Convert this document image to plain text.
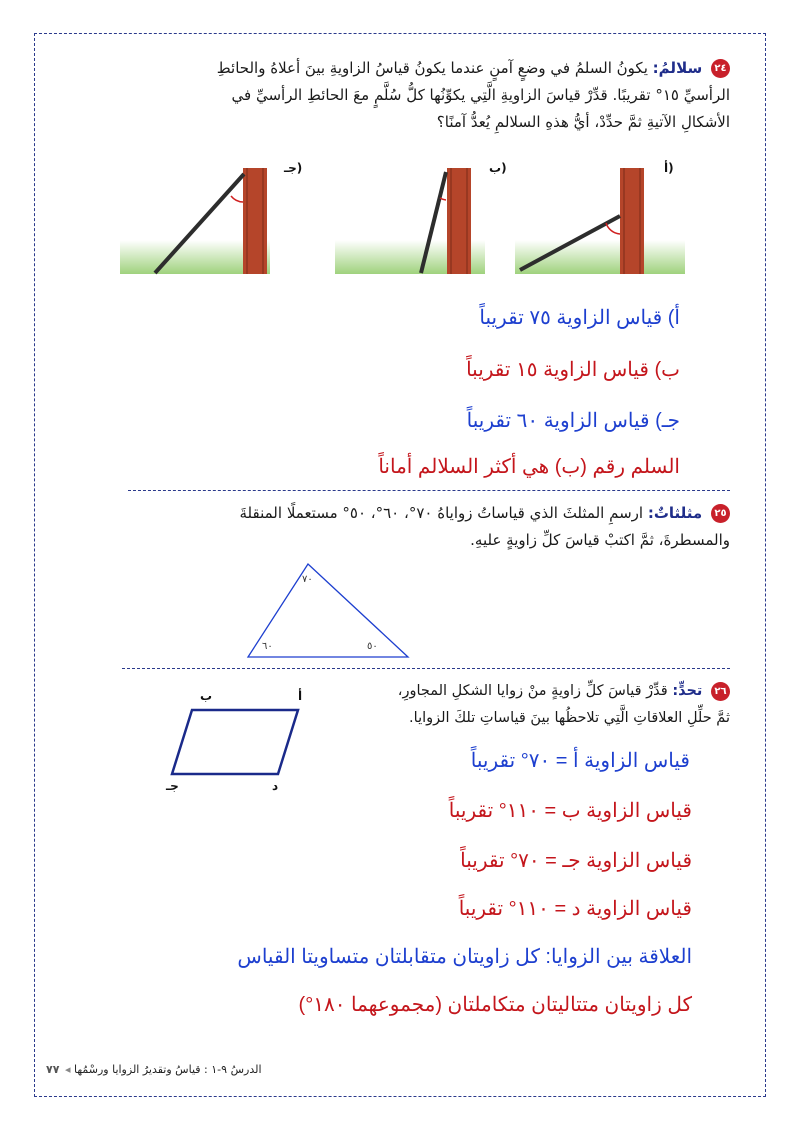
٢٤ سلالمُ: يكونُ السلمُ في وضعٍ آمنٍ عندما يكونُ قياسُ الزاويةِ بينَ أعلاهُ والحائطِ
الرأسيِّ ١٥° تقريبًا. قدِّرْ قياسَ الزاويةِ الَّتِي يكوِّنُها كلُّ سُلَّمٍ معَ الحائطِ الرأسيِّ في
الأشكالِ الآتيةِ ثمَّ حدِّدْ، أيُّ هذهِ السلالمِ يُعدُّ آمنًا؟
جـ)	ب)	أ)
أ) قياس الزاوية ٧٥ تقريباً
ب) قياس الزاوية ١٥ تقريباً
جـ) قياس الزاوية ٦٠ تقريباً
السلم رقم (ب) هي أكثر السلالم أماناً
٢٥ مثلثاتٌ: ارسمِ المثلثَ الذي قياساتُ زواياهُ ٧٠°، ٦٠°، ٥٠° مستعملًا المنقلةَ
والمسطرةَ، ثمَّ اكتبْ قياسَ كلِّ زاويةٍ عليهِ.
٧٠
٦٠	٥٠
٢٦ تحدٍّ: قدِّرْ قياسَ كلِّ زاويةٍ منْ زوايا الشكلِ المجاورِ،
ثمَّ حلِّلِ العلاقاتِ الَّتِي تلاحظُها بينَ قياساتِ تلكَ الزوايا.
ب	أ
جـ	د
قياس الزاوية أ = ٧٠° تقريباً
قياس الزاوية ب = ١١٠° تقريباً
قياس الزاوية جـ = ٧٠° تقريباً
قياس الزاوية د = ١١٠° تقريباً
العلاقة بين الزوايا: كل زاويتان متقابلتان متساويتا القياس
كل زاويتان متتاليتان متكاملتان (مجموعهما ١٨٠°)
٧٧ ◂ الدرسُ ٩-١ : قياسُ وتقديرُ الزوايا ورسْمُها
